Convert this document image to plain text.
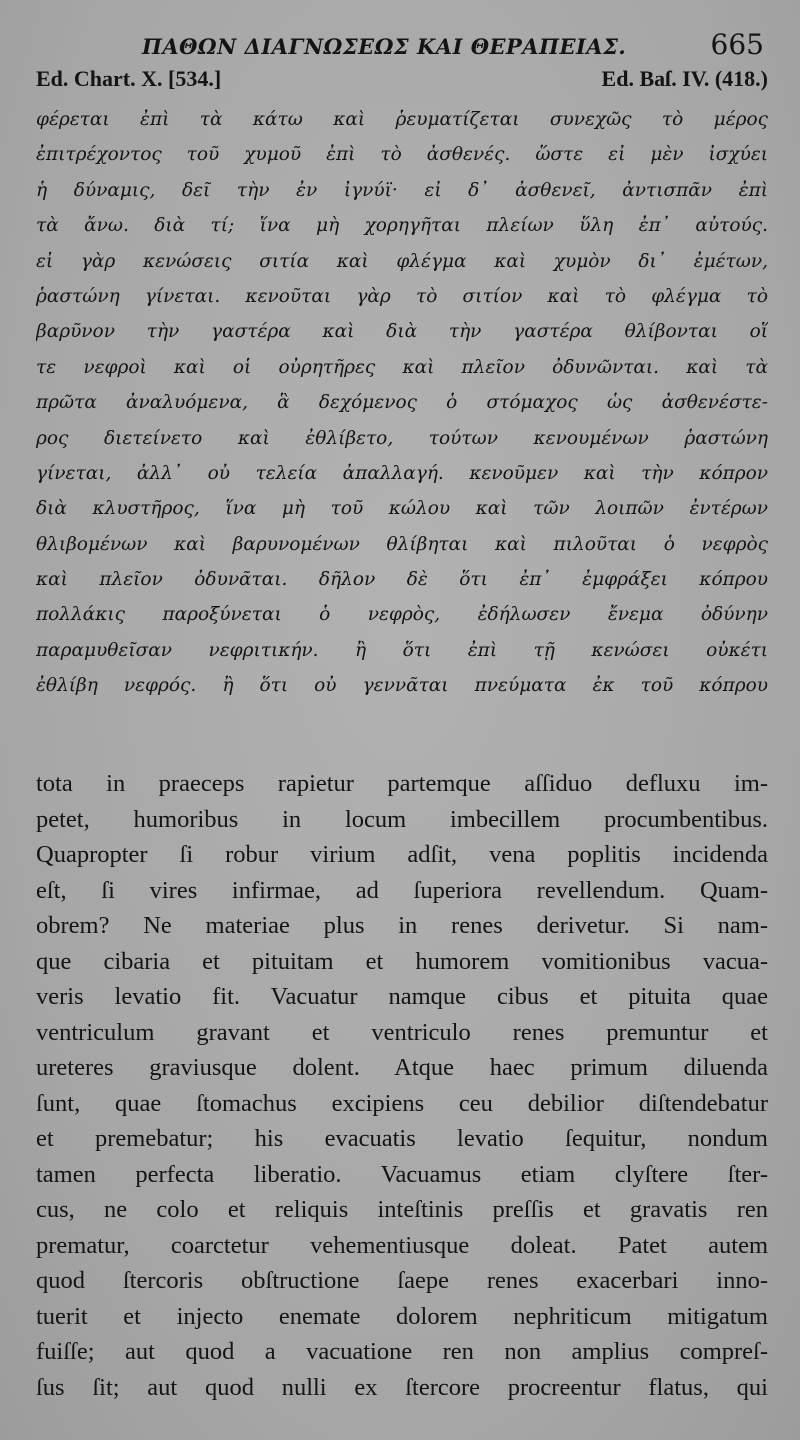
ΠΑΘΩΝ ΔΙΑΓΝΩΣΕΩΣ ΚΑΙ ΘΕΡΑΠΕΙΑΣ.	665
Ed. Chart. X. [534.]	Ed. Baſ. IV. (418.)
φέρεται ἐπὶ τὰ κάτω καὶ ῥευματίζεται συνεχῶς τὸ μέρος
ἐπιτρέχοντος τοῦ χυμοῦ ἐπὶ τὸ ἀσθενές. ὥστε εἰ μὲν ἰσχύει
ἡ δύναμις, δεῖ τὴν ἐν ἰγνύϊ· εἰ δ᾽ ἀσθενεῖ, ἀντισπᾶν ἐπὶ
τὰ ἄνω. διὰ τί; ἵνα μὴ χορηγῆται πλείων ὕλη ἐπ᾽ αὐτούς.
εἰ γὰρ κενώσεις σιτία καὶ φλέγμα καὶ χυμὸν δι᾽ ἐμέτων,
ῥαστώνη γίνεται. κενοῦται γὰρ τὸ σιτίον καὶ τὸ φλέγμα τὸ
βαρῦνον τὴν γαστέρα καὶ διὰ τὴν γαστέρα θλίβονται οἵ
τε νεφροὶ καὶ οἱ οὐρητῆρες καὶ πλεῖον ὀδυνῶνται. καὶ τὰ
πρῶτα ἀναλυόμενα, ἃ δεχόμενος ὁ στόμαχος ὡς ἀσθενέστε-
ρος διετείνετο καὶ ἐθλίβετο, τούτων κενουμένων ῥαστώνη
γίνεται, ἀλλ᾽ οὐ τελεία ἀπαλλαγή. κενοῦμεν καὶ τὴν κόπρον
διὰ κλυστῆρος, ἵνα μὴ τοῦ κώλου καὶ τῶν λοιπῶν ἐντέρων
θλιβομένων καὶ βαρυνομένων θλίβηται καὶ πιλοῦται ὁ νεφρὸς
καὶ πλεῖον ὀδυνᾶται. δῆλον δὲ ὅτι ἐπ᾽ ἐμφράξει κόπρου
πολλάκις παροξύνεται ὁ νεφρὸς, ἐδήλωσεν ἔνεμα ὀδύνην
παραμυθεῖσαν νεφριτικήν. ἢ ὅτι ἐπὶ τῇ κενώσει οὐκέτι
ἐθλίβη νεφρός. ἢ ὅτι οὐ γεννᾶται πνεύματα ἐκ τοῦ κόπρου
tota in praeceps rapietur partemque aſſiduo defluxu im-
petet, humoribus in locum imbecillem procumbentibus.
Quapropter ſi robur virium adſit, vena poplitis incidenda
eſt, ſi vires infirmae, ad ſuperiora revellendum. Quam-
obrem? Ne materiae plus in renes derivetur. Si nam-
que cibaria et pituitam et humorem vomitionibus vacua-
veris levatio fit. Vacuatur namque cibus et pituita quae
ventriculum gravant et ventriculo renes premuntur et
ureteres graviusque dolent. Atque haec primum diluenda
ſunt, quae ſtomachus excipiens ceu debilior diſtendebatur
et premebatur; his evacuatis levatio ſequitur, nondum
tamen perfecta liberatio. Vacuamus etiam clyſtere ſter-
cus, ne colo et reliquis inteſtinis preſſis et gravatis ren
prematur, coarctetur vehementiusque doleat. Patet autem
quod ſtercoris obſtructione ſaepe renes exacerbari inno-
tuerit et injecto enemate dolorem nephriticum mitigatum
fuiſſe; aut quod a vacuatione ren non amplius compreſ-
ſus ſit; aut quod nulli ex ſtercore procreentur flatus, qui
